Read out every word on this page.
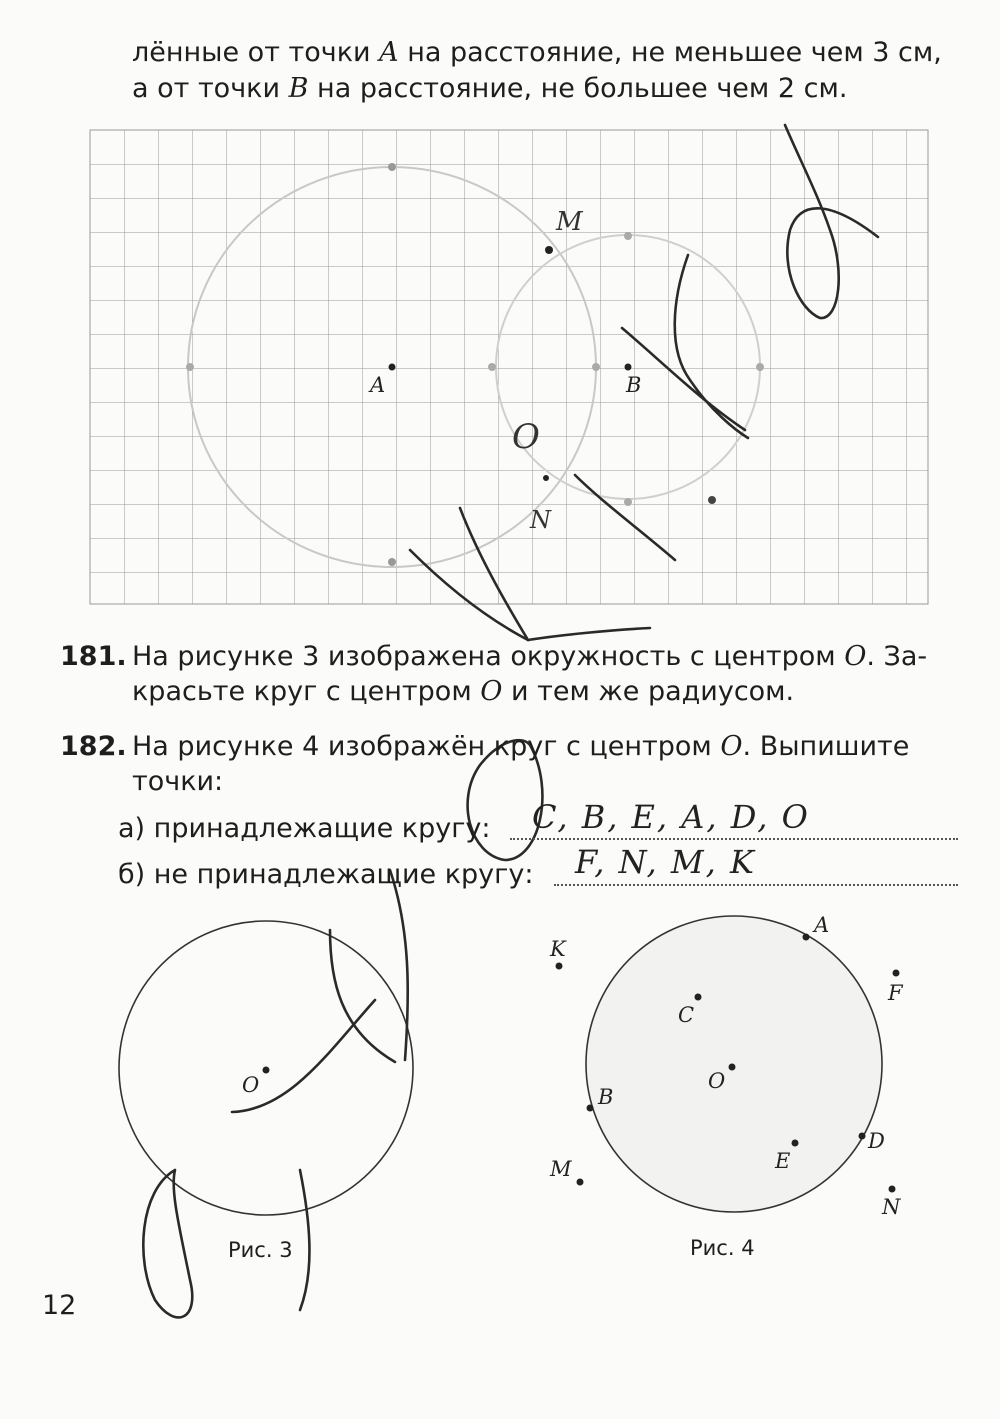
лённые от точки A на расстояние, не меньшее чем 3 см,
а от точки B на расстояние, не большее чем 2 см.
A	B
M
O
N
O
A
C
O
B
E
D
K
F
M
N
181. На рисунке 3 изображена окружность с центром O. За-
красьте круг с центром O и тем же радиусом.
182. На рисунке 4 изображён круг с центром O. Выпишите
точки:
а) принадлежащие кругу: C, B, E, A, D, O
б) не принадлежащие кругу: F, N, M, K
Рис. 3	Рис. 4
12
